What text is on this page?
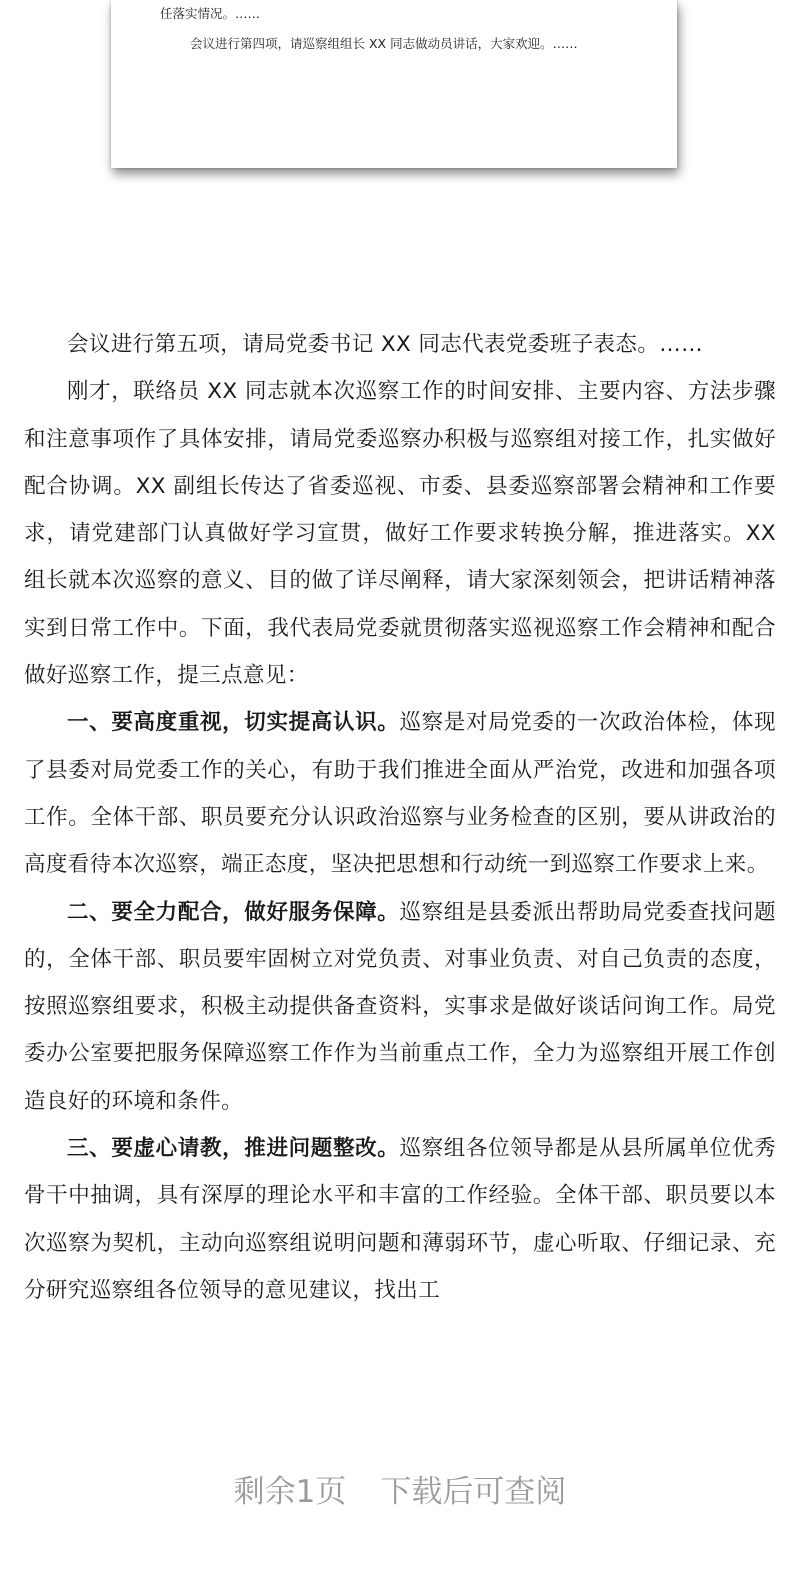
任落实情况。……
会议进行第四项，请巡察组组长 XX 同志做动员讲话，大家欢迎。……

会议进行第五项，请局党委书记 XX 同志代表党委班子表态。……

刚才，联络员 XX 同志就本次巡察工作的时间安排、主要内容、方法步骤和注意事项作了具体安排，请局党委巡察办积极与巡察组对接工作，扎实做好配合协调。XX 副组长传达了省委巡视、市委、县委巡察部署会精神和工作要求，请党建部门认真做好学习宣贯，做好工作要求转换分解，推进落实。XX 组长就本次巡察的意义、目的做了详尽阐释，请大家深刻领会，把讲话精神落实到日常工作中。下面，我代表局党委就贯彻落实巡视巡察工作会精神和配合做好巡察工作，提三点意见：

一、要高度重视，切实提高认识。巡察是对局党委的一次政治体检，体现了县委对局党委工作的关心，有助于我们推进全面从严治党，改进和加强各项工作。全体干部、职员要充分认识政治巡察与业务检查的区别，要从讲政治的高度看待本次巡察，端正态度，坚决把思想和行动统一到巡察工作要求上来。

二、要全力配合，做好服务保障。巡察组是县委派出帮助局党委查找问题的，全体干部、职员要牢固树立对党负责、对事业负责、对自己负责的态度，按照巡察组要求，积极主动提供备查资料，实事求是做好谈话问询工作。局党委办公室要把服务保障巡察工作作为当前重点工作，全力为巡察组开展工作创造良好的环境和条件。

三、要虚心请教，推进问题整改。巡察组各位领导都是从县所属单位优秀骨干中抽调，具有深厚的理论水平和丰富的工作经验。全体干部、职员要以本次巡察为契机，主动向巡察组说明问题和薄弱环节，虚心听取、仔细记录、充分研究巡察组各位领导的意见建议，找出工

剩余1页 下载后可查阅
